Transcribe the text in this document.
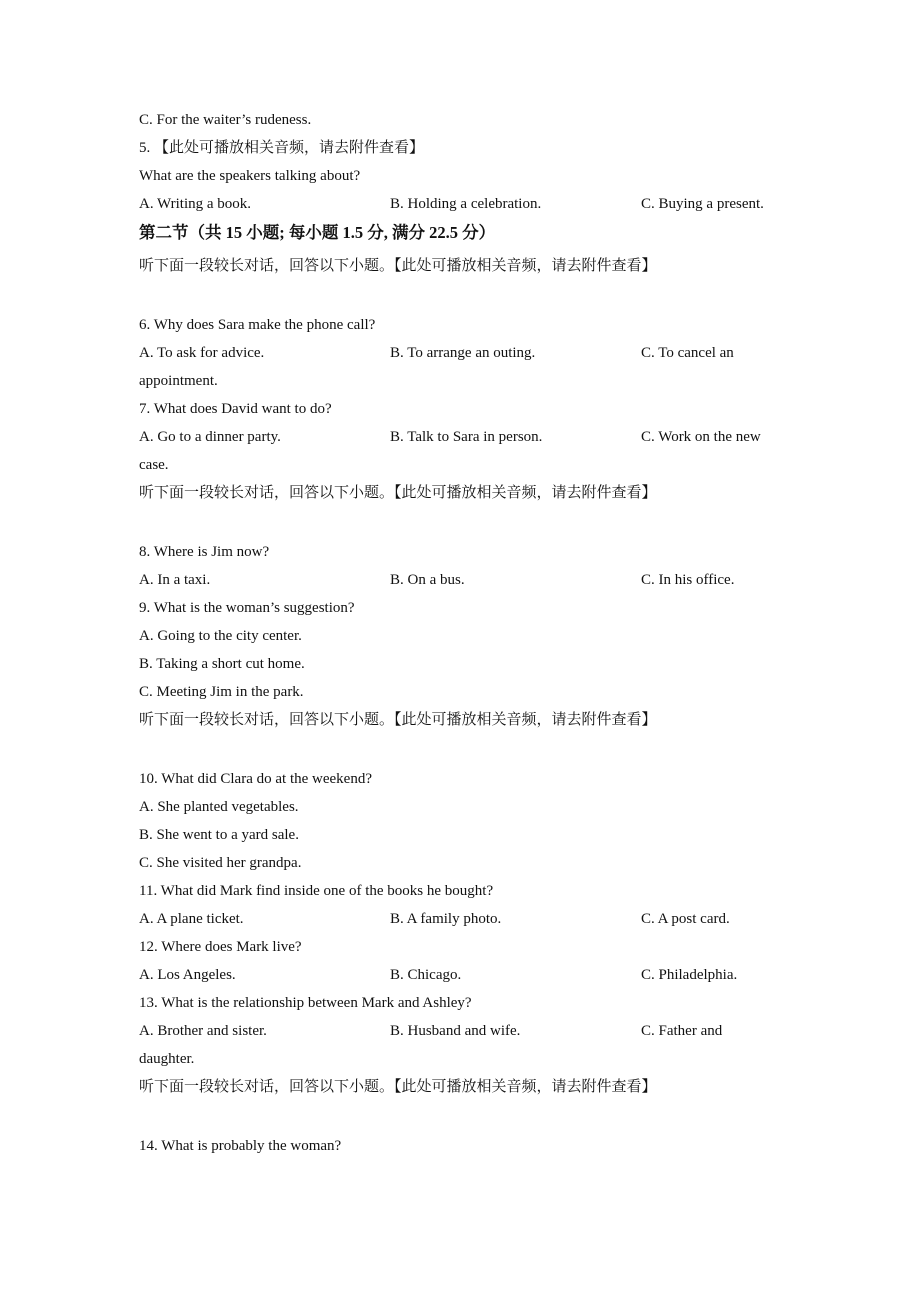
C. For the waiter’s rudeness.
5. 【此处可播放相关音频，请去附件查看】
What are the speakers talking about?
A. Writing a book.	B. Holding a celebration.	C. Buying a present.
第二节（共 15 小题; 每小题 1.5 分, 满分 22.5 分）
听下面一段较长对话，回答以下小题。【此处可播放相关音频，请去附件查看】
6. Why does Sara make the phone call?
A. To ask for advice.	B. To arrange an outing.	C. To cancel an
appointment.
7. What does David want to do?
A. Go to a dinner party.	B. Talk to Sara in person.	C. Work on the new
case.
听下面一段较长对话，回答以下小题。【此处可播放相关音频，请去附件查看】
8. Where is Jim now?
A. In a taxi.	B. On a bus.	C. In his office.
9. What is the woman’s suggestion?
A. Going to the city center.
B. Taking a short cut home.
C. Meeting Jim in the park.
听下面一段较长对话，回答以下小题。【此处可播放相关音频，请去附件查看】
10. What did Clara do at the weekend?
A. She planted vegetables.
B. She went to a yard sale.
C. She visited her grandpa.
11. What did Mark find inside one of the books he bought?
A. A plane ticket.	B. A family photo.	C. A post card.
12. Where does Mark live?
A. Los Angeles.	B. Chicago.	C. Philadelphia.
13. What is the relationship between Mark and Ashley?
A. Brother and sister.	B. Husband and wife.	C. Father and
daughter.
听下面一段较长对话，回答以下小题。【此处可播放相关音频，请去附件查看】
14. What is probably the woman?
